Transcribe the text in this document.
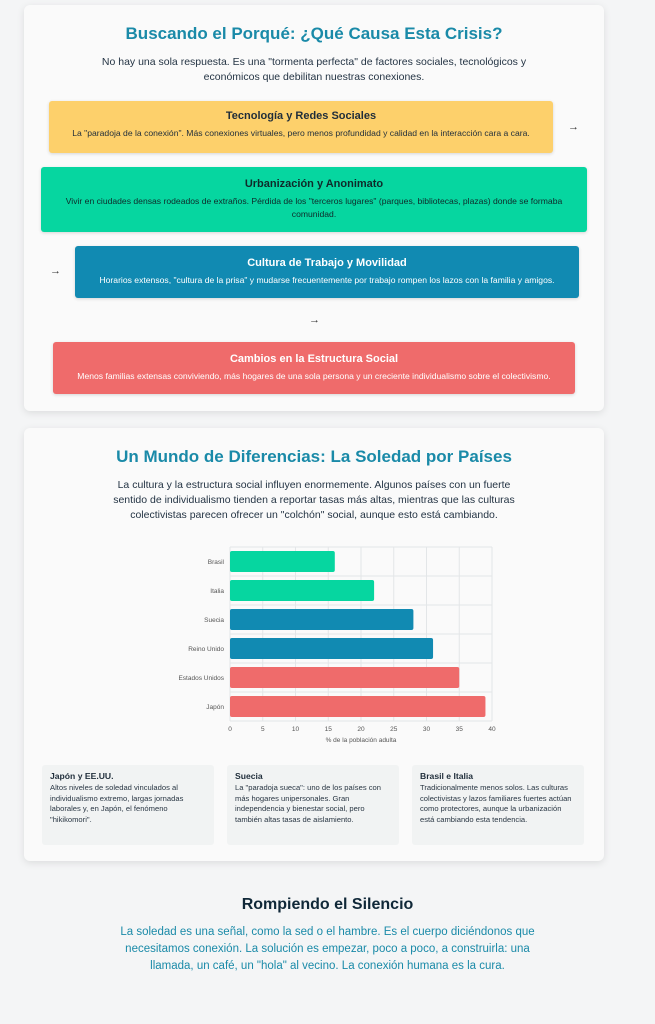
Buscando el Porqué: ¿Qué Causa Esta Crisis?

No hay una sola respuesta. Es una "tormenta perfecta" de factores sociales, tecnológicos y económicos que debilitan nuestras conexiones.

Tecnología y Redes Sociales
La "paradoja de la conexión". Más conexiones virtuales, pero menos profundidad y calidad en la interacción cara a cara.	→
Urbanización y Anonimato
Vivir en ciudades densas rodeados de extraños. Pérdida de los "terceros lugares" (parques, bibliotecas, plazas) donde se formaba comunidad.
→
Cultura de Trabajo y Movilidad
Horarios extensos, "cultura de la prisa" y mudarse frecuentemente por trabajo rompen los lazos con la familia y amigos.
→
Cambios en la Estructura Social
Menos familias extensas conviviendo, más hogares de una sola persona y un creciente individualismo sobre el colectivismo.
Un Mundo de Diferencias: La Soledad por Países

La cultura y la estructura social influyen enormemente. Algunos países con un fuerte sentido de individualismo tienden a reportar tasas más altas, mientras que las culturas colectivistas parecen ofrecer un "colchón" social, aunque esto está cambiando.

Brasil
Italia
Suecia
Reino Unido
Estados Unidos
Japón
0	5	10	15	20	25	30	35	40
% de la población adulta
Japón y EE.UU.
Altos niveles de soledad vinculados al individualismo extremo, largas jornadas laborales y, en Japón, el fenómeno "hikikomori".
Suecia
La "paradoja sueca": uno de los países con más hogares unipersonales. Gran independencia y bienestar social, pero también altas tasas de aislamiento.
Brasil e Italia
Tradicionalmente menos solos. Las culturas colectivistas y lazos familiares fuertes actúan como protectores, aunque la urbanización está cambiando esta tendencia.
Rompiendo el Silencio

La soledad es una señal, como la sed o el hambre. Es el cuerpo diciéndonos que necesitamos conexión. La solución es empezar, poco a poco, a construirla: una llamada, un café, un "hola" al vecino. La conexión humana es la cura.
